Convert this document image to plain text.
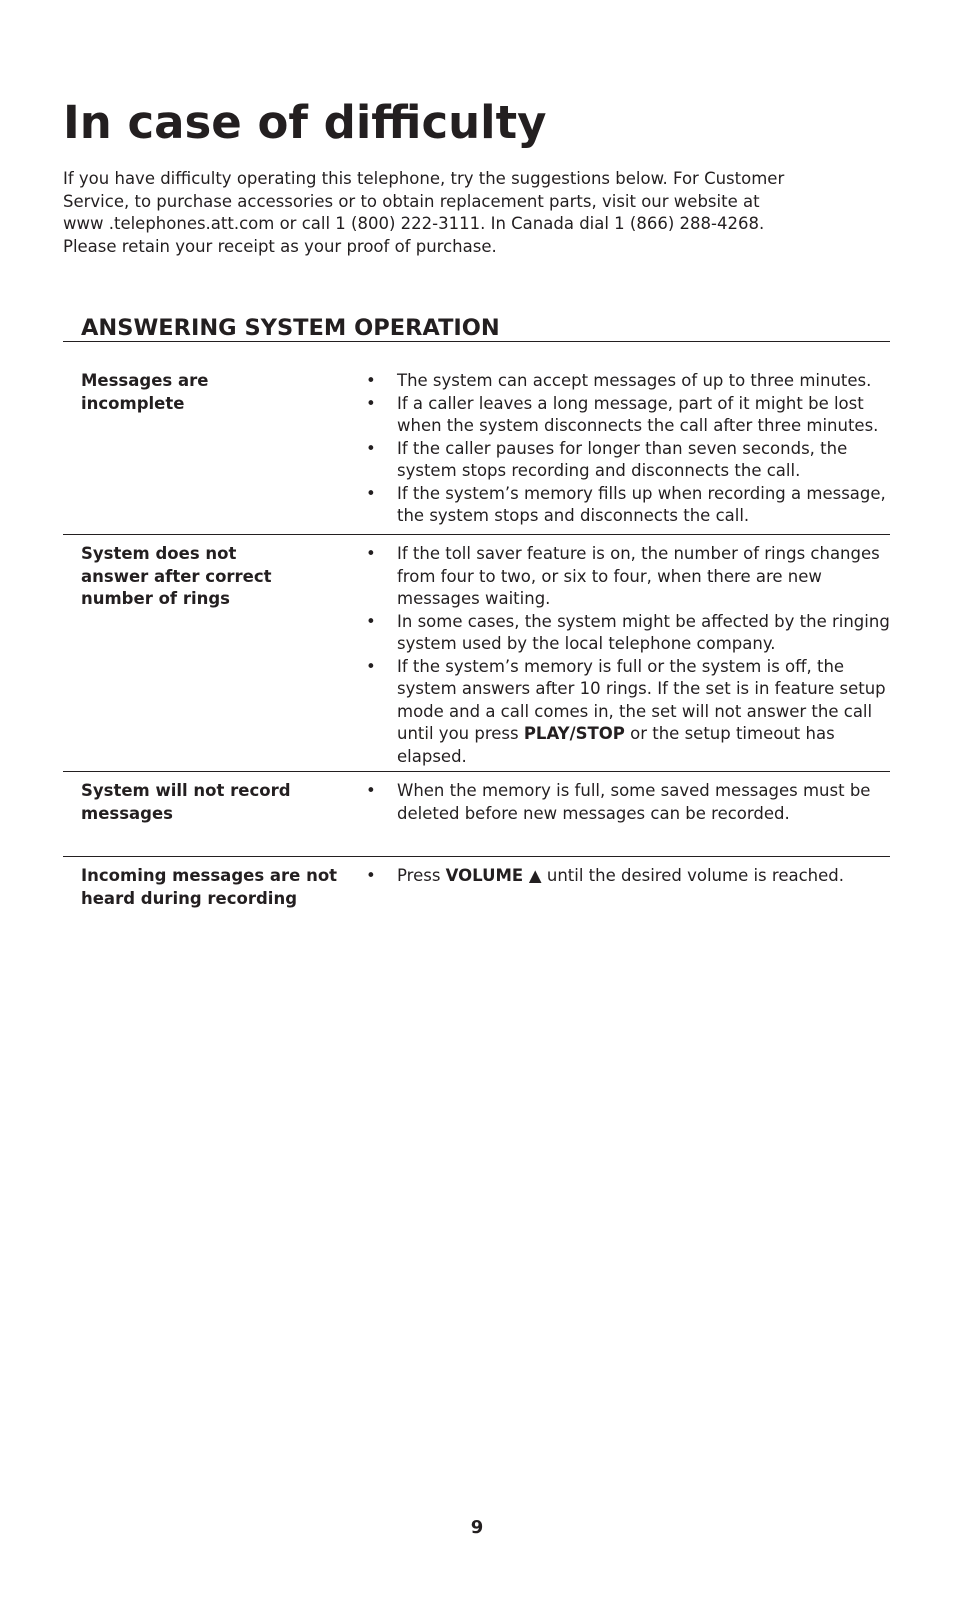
In case of difficulty

If you have difficulty operating this telephone, try the suggestions below. For Customer
Service, to purchase accessories or to obtain replacement parts, visit our website at
www .telephones.att.com or call 1 (800) 222-3111. In Canada dial 1 (866) 288-4268.
Please retain your receipt as your proof of purchase.

ANSWERING SYSTEM OPERATION

Messages are incomplete

•	The system can accept messages of up to three minutes.
•	If a caller leaves a long message, part of it might be lost when the system disconnects the call after three minutes.
•	If the caller pauses for longer than seven seconds, the system stops recording and disconnects the call.
•	If the system’s memory fills up when recording a message, the system stops and disconnects the call.

System does not answer after correct number of rings

•	If the toll saver feature is on, the number of rings changes from four to two, or six to four, when there are new messages waiting.
•	In some cases, the system might be affected by the ringing system used by the local telephone company.
•	If the system’s memory is full or the system is off, the system answers after 10 rings. If the set is in feature setup mode and a call comes in, the set will not answer the call until you press PLAY/STOP or the setup timeout has elapsed.

System will not record messages

•	When the memory is full, some saved messages must be deleted before new messages can be recorded.

Incoming messages are not heard during recording

•	Press VOLUME ▲ until the desired volume is reached.
9
